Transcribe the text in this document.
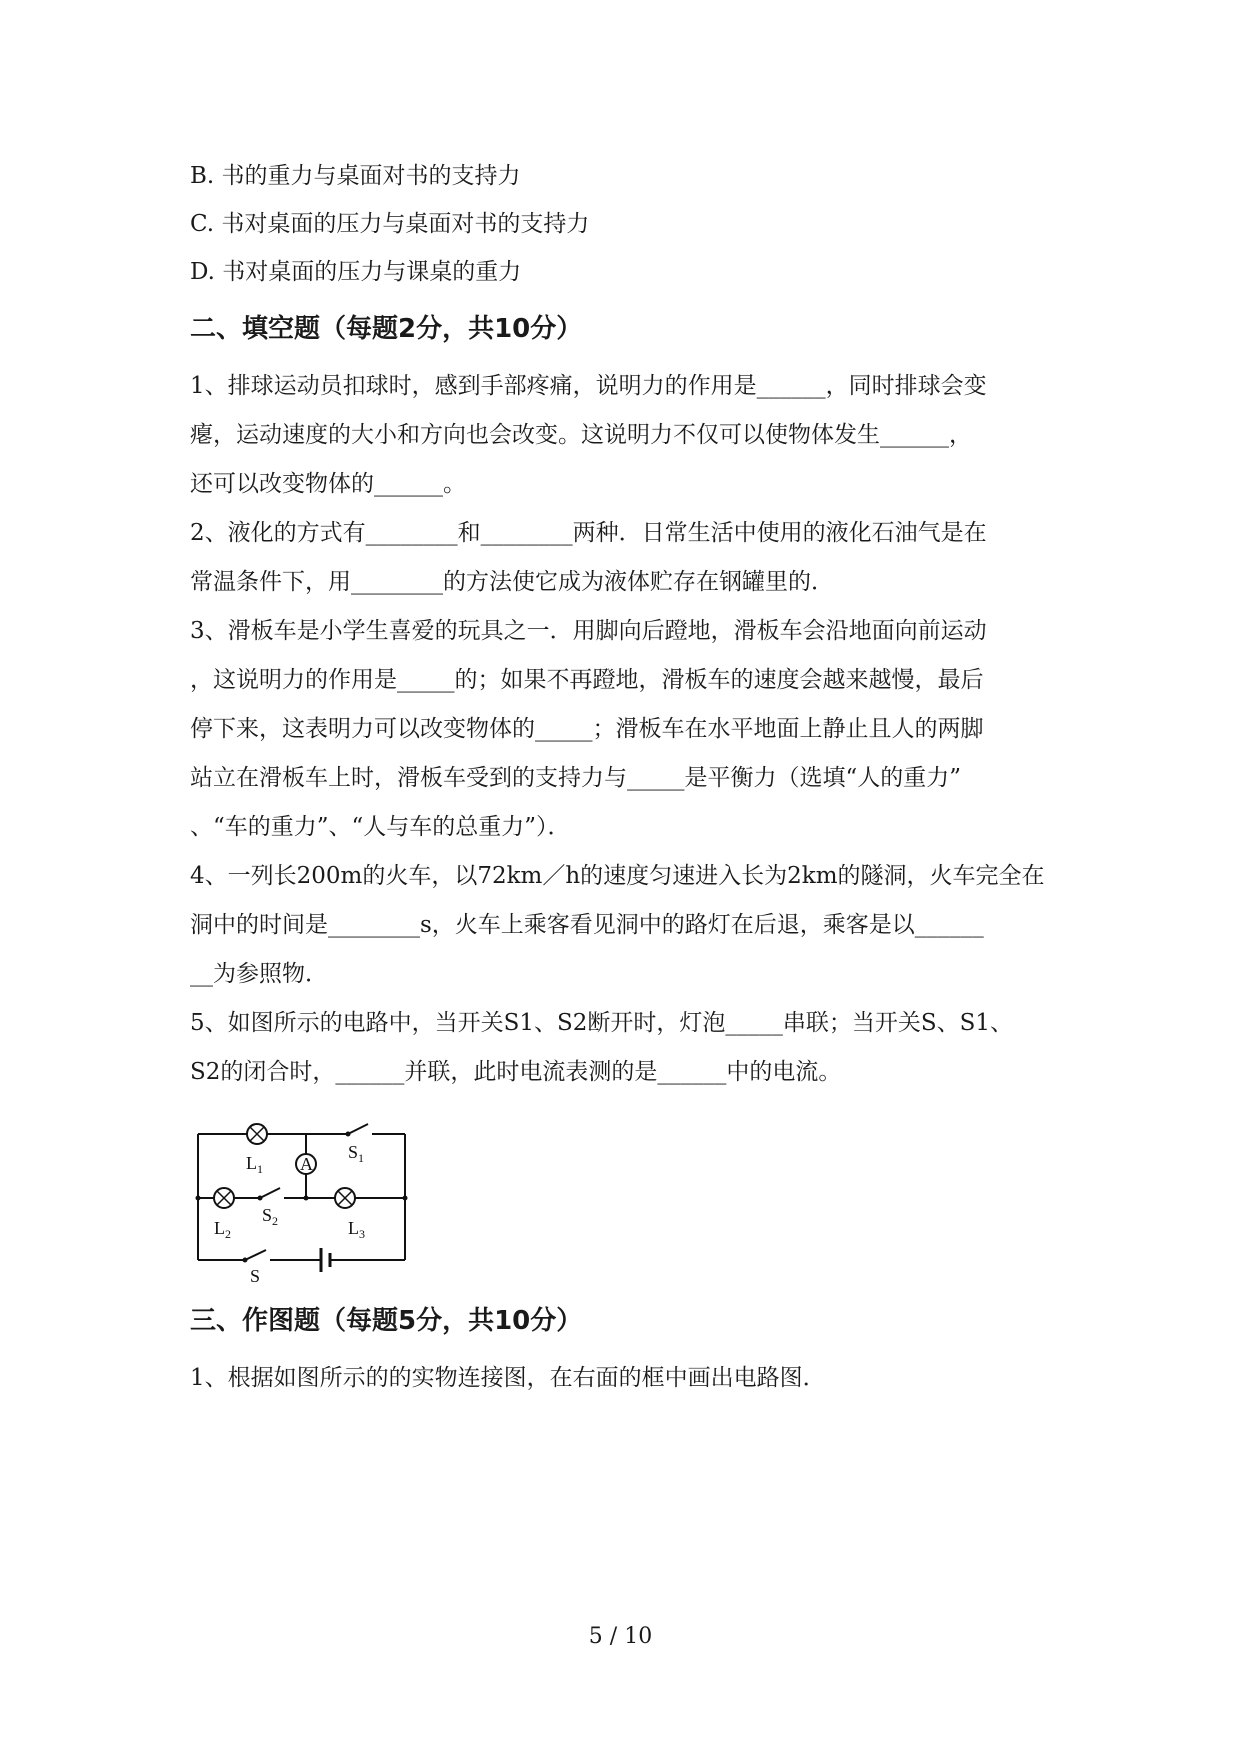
B. 书的重力与桌面对书的支持力
C. 书对桌面的压力与桌面对书的支持力
D. 书对桌面的压力与课桌的重力
二、填空题（每题2分，共10分）
1、排球运动员扣球时，感到手部疼痛，说明力的作用是______，同时排球会变
瘪，运动速度的大小和方向也会改变。这说明力不仅可以使物体发生______，
还可以改变物体的______。
2、液化的方式有________和________两种．日常生活中使用的液化石油气是在
常温条件下，用________的方法使它成为液体贮存在钢罐里的．
3、滑板车是小学生喜爱的玩具之一．用脚向后蹬地，滑板车会沿地面向前运动
，这说明力的作用是_____的；如果不再蹬地，滑板车的速度会越来越慢，最后
停下来，这表明力可以改变物体的_____；滑板车在水平地面上静止且人的两脚
站立在滑板车上时，滑板车受到的支持力与_____是平衡力（选填“人的重力”
、“车的重力”、“人与车的总重力”）．
4、一列长200m的火车，以72km／h的速度匀速进入长为2km的隧洞，火车完全在
洞中的时间是________s，火车上乘客看见洞中的路灯在后退，乘客是以______
__为参照物．
5、如图所示的电路中，当开关S1、S2断开时，灯泡_____串联；当开关S、S1、
S2的闭合时，______并联，此时电流表测的是______中的电流。
A
L 1
L 2	L 3
S 1
S 2
S
三、作图题（每题5分，共10分）
1、根据如图所示的的实物连接图，在右面的框中画出电路图．
5 / 10
